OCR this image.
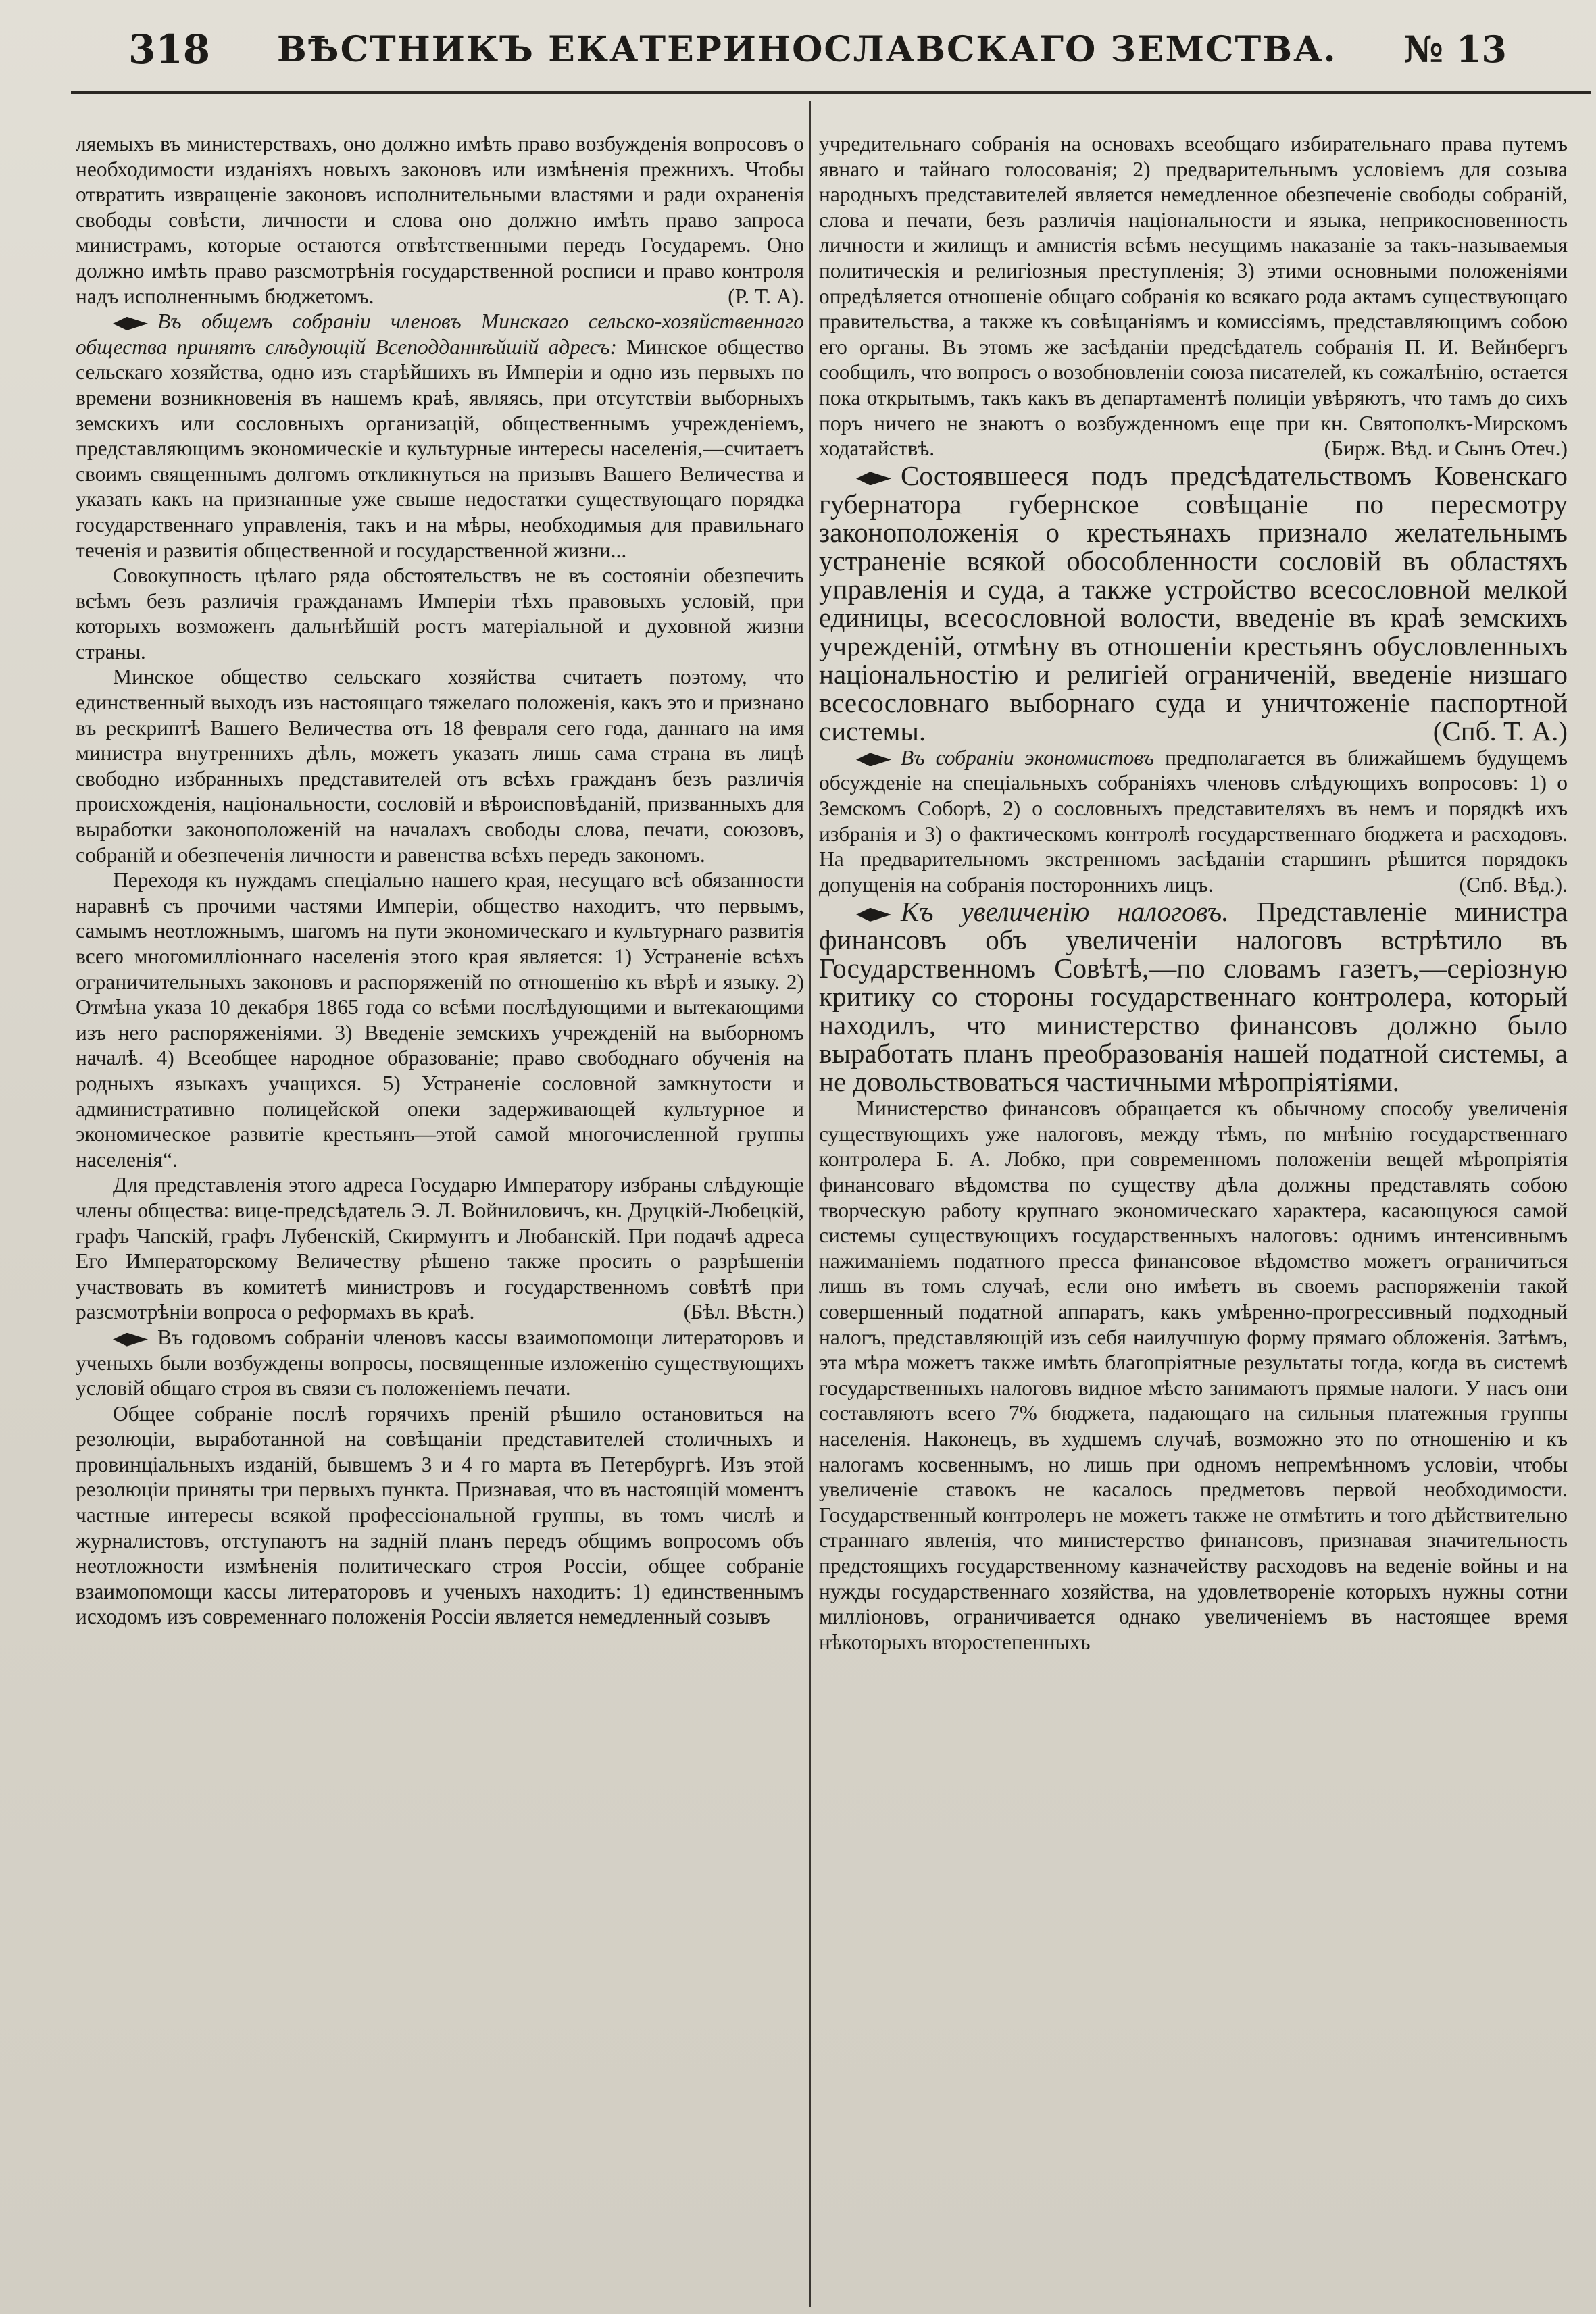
318 ВѢСТНИКЪ ЕКАТЕРИНОСЛАВСКАГО ЗЕМСТВА. № 13

ляемыхъ въ министерствахъ, оно должно имѣть право возбужденія вопросовъ о необходимости изданіяхъ новыхъ законовъ или измѣненія прежнихъ. Чтобы отвратить извращеніе законовъ исполнительными властями и ради охраненія свободы совѣсти, личности и слова оно должно имѣть право запроса министрамъ, которые остаются отвѣтственными передъ Государемъ. Оно должно имѣть право разсмотрѣнія государственной росписи и право контроля надъ исполненнымъ бюджетомъ.	(Р. Т. А).

Въ общемъ собраніи членовъ Минскаго сельско-хозяйственнаго общества принятъ слѣдующій Всеподданнѣйшій адресъ: Минское общество сельскаго хозяйства, одно изъ старѣйшихъ въ Имперіи и одно изъ первыхъ по времени возникновенія въ нашемъ краѣ, являясь, при отсутствіи выборныхъ земскихъ или сословныхъ организацій, общественнымъ учрежденіемъ, представляющимъ экономическіе и культурные интересы населенія,—считаетъ своимъ священнымъ долгомъ откликнуться на призывъ Вашего Величества и указать какъ на признанные уже свыше недостатки существующаго порядка государственнаго управленія, такъ и на мѣры, необходимыя для правильнаго теченія и развитія общественной и государственной жизни...

Совокупность цѣлаго ряда обстоятельствъ не въ состояніи обезпечить всѣмъ безъ различія гражданамъ Имперіи тѣхъ правовыхъ условій, при которыхъ возможенъ дальнѣйшій ростъ матеріальной и духовной жизни страны.

Минское общество сельскаго хозяйства считаетъ поэтому, что единственный выходъ изъ настоящаго тяжелаго положенія, какъ это и признано въ рескриптѣ Вашего Величества отъ 18 февраля сего года, даннаго на имя министра внутреннихъ дѣлъ, можетъ указать лишь сама страна въ лицѣ свободно избранныхъ представителей отъ всѣхъ гражданъ безъ различія происхожденія, національности, сословій и вѣроисповѣданій, призванныхъ для выработки законоположеній на началахъ свободы слова, печати, союзовъ, собраній и обезпеченія личности и равенства всѣхъ передъ закономъ.

Переходя къ нуждамъ спеціально нашего края, несущаго всѣ обязанности наравнѣ съ прочими частями Имперіи, общество находитъ, что первымъ, самымъ неотложнымъ, шагомъ на пути экономическаго и культурнаго развитія всего многомилліоннаго населенія этого края является: 1) Устраненіе всѣхъ ограничительныхъ законовъ и распоряженій по отношенію къ вѣрѣ и языку. 2) Отмѣна указа 10 декабря 1865 года со всѣми послѣдующими и вытекающими изъ него распоряженіями. 3) Введеніе земскихъ учрежденій на выборномъ началѣ. 4) Всеобщее народное образованіе; право свободнаго обученія на родныхъ языкахъ учащихся. 5) Устраненіе сословной замкнутости и административно полицейской опеки задерживающей культурное и экономическое развитіе крестьянъ—этой самой многочисленной группы населенія“.

Для представленія этого адреса Государю Императору избраны слѣдующіе члены общества: вице-предсѣдатель Э. Л. Войниловичъ, кн. Друцкій-Любецкій, графъ Чапскій, графъ Лубенскій, Скирмунтъ и Любанскій. При подачѣ адреса Его Императорскому Величеству рѣшено также просить о разрѣшеніи участвовать въ комитетѣ министровъ и государственномъ совѣтѣ при разсмотрѣніи вопроса о реформахъ въ краѣ.	(Бѣл. Вѣстн.)

Въ годовомъ собраніи членовъ кассы взаимопомощи литераторовъ и ученыхъ были возбуждены вопросы, посвященные изложенію существующихъ условій общаго строя въ связи съ положеніемъ печати.

Общее собраніе послѣ горячихъ преній рѣшило остановиться на резолюціи, выработанной на совѣщаніи представителей столичныхъ и провинціальныхъ изданій, бывшемъ 3 и 4 го марта въ Петербургѣ. Изъ этой резолюціи приняты три первыхъ пункта. Признавая, что въ настоящій моментъ частные интересы всякой профессіональной группы, въ томъ числѣ и журналистовъ, отступаютъ на задній планъ передъ общимъ вопросомъ объ неотложности измѣненія политическаго строя Россіи, общее собраніе взаимопомощи кассы литераторовъ и ученыхъ находитъ: 1) единственнымъ исходомъ изъ современнаго положенія Россіи является немедленный созывъ

учредительнаго собранія на основахъ всеобщаго избирательнаго права путемъ явнаго и тайнаго голосованія; 2) предварительнымъ условіемъ для созыва народныхъ представителей является немедленное обезпеченіе свободы собраній, слова и печати, безъ различія національности и языка, неприкосновенность личности и жилищъ и амнистія всѣмъ несущимъ наказаніе за такъ-называемыя политическія и религіозныя преступленія; 3) этими основными положеніями опредѣляется отношеніе общаго собранія ко всякаго рода актамъ существующаго правительства, а также къ совѣщаніямъ и комиссіямъ, представляющимъ собою его органы. Въ этомъ же засѣданіи предсѣдатель собранія П. И. Вейнбергъ сообщилъ, что вопросъ о возобновленіи союза писателей, къ сожалѣнію, остается пока открытымъ, такъ какъ въ департаментѣ полиціи увѣряютъ, что тамъ до сихъ поръ ничего не знаютъ о возбужденномъ еще при кн. Святополкъ-Мирскомъ ходатайствѣ.	(Бирж. Вѣд. и Сынъ Отеч.)

Состоявшееся подъ предсѣдательствомъ Ковенскаго губернатора губернское совѣщаніе по пересмотру законоположенія о крестьянахъ признало желательнымъ устраненіе всякой обособленности сословій въ областяхъ управленія и суда, а также устройство всесословной мелкой единицы, всесословной волости, введеніе въ краѣ земскихъ учрежденій, отмѣну въ отношеніи крестьянъ обусловленныхъ національностію и религіей ограниченій, введеніе низшаго всесословнаго выборнаго суда и уничтоженіе паспортной системы.	(Спб. Т. А.)

Въ собраніи экономистовъ предполагается въ ближайшемъ будущемъ обсужденіе на спеціальныхъ собраніяхъ членовъ слѣдующихъ вопросовъ: 1) о Земскомъ Соборѣ, 2) о сословныхъ представителяхъ въ немъ и порядкѣ ихъ избранія и 3) о фактическомъ контролѣ государственнаго бюджета и расходовъ. На предварительномъ экстренномъ засѣданіи старшинъ рѣшится порядокъ допущенія на собранія постороннихъ лицъ.	(Спб. Вѣд.).

Къ увеличенію налоговъ. Представленіе министра финансовъ объ увеличеніи налоговъ встрѣтило въ Государственномъ Совѣтѣ,—по словамъ газетъ,—серіозную критику со стороны государственнаго контролера, который находилъ, что министерство финансовъ должно было выработать планъ преобразованія нашей податной системы, а не довольствоваться частичными мѣропріятіями.

Министерство финансовъ обращается къ обычному способу увеличенія существующихъ уже налоговъ, между тѣмъ, по мнѣнію государственнаго контролера Б. А. Лобко, при современномъ положеніи вещей мѣропріятія финансоваго вѣдомства по существу дѣла должны представлять собою творческую работу крупнаго экономическаго характера, касающуюся самой системы существующихъ государственныхъ налоговъ: однимъ интенсивнымъ нажиманіемъ податного пресса финансовое вѣдомство можетъ ограничиться лишь въ томъ случаѣ, если оно имѣетъ въ своемъ распоряженіи такой совершенный податной аппаратъ, какъ умѣренно-прогрессивный подходный налогъ, представляющій изъ себя наилучшую форму прямаго обложенія. Затѣмъ, эта мѣра можетъ также имѣть благопріятные результаты тогда, когда въ системѣ государственныхъ налоговъ видное мѣсто занимаютъ прямые налоги. У насъ они составляютъ всего 7% бюджета, падающаго на сильныя платежныя группы населенія. Наконецъ, въ худшемъ случаѣ, возможно это по отношенію и къ налогамъ косвеннымъ, но лишь при одномъ непремѣнномъ условіи, чтобы увеличеніе ставокъ не касалось предметовъ первой необходимости. Государственный контролеръ не можетъ также не отмѣтить и того дѣйствительно страннаго явленія, что министерство финансовъ, признавая значительность предстоящихъ государственному казначейству расходовъ на веденіе войны и на нужды государственнаго хозяйства, на удовлетвореніе которыхъ нужны сотни милліоновъ, ограничивается однако увеличеніемъ въ настоящее время нѣкоторыхъ второстепенныхъ
